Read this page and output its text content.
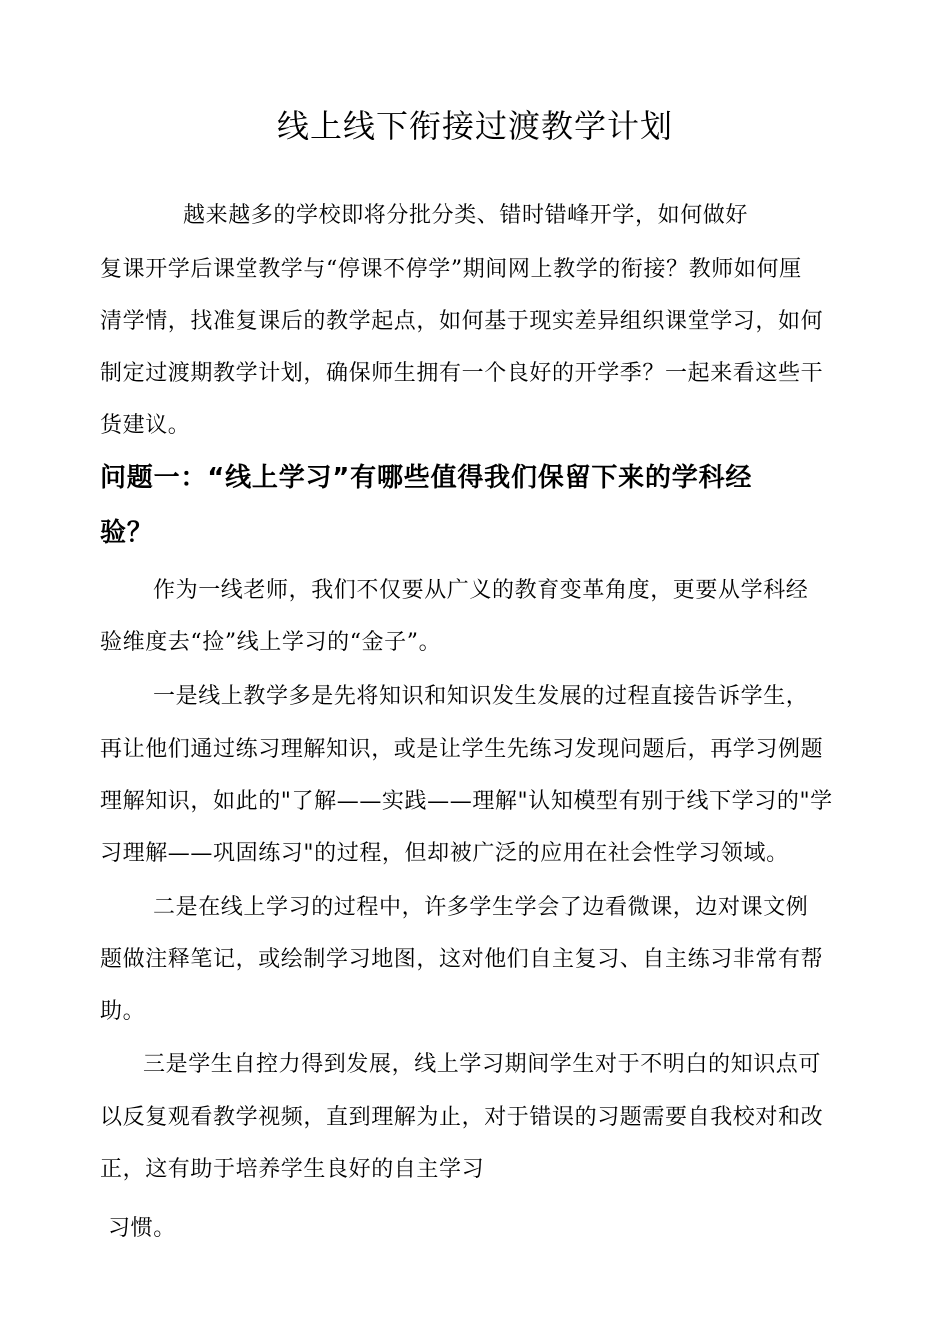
线上线下衔接过渡教学计划
越来越多的学校即将分批分类、错时错峰开学，如何做好
复课开学后课堂教学与“停课不停学”期间网上教学的衔接？教师如何厘
清学情，找准复课后的教学起点，如何基于现实差异组织课堂学习，如何
制定过渡期教学计划，确保师生拥有一个良好的开学季？一起来看这些干
货建议。
问题一：“线上学习”有哪些值得我们保留下来的学科经
验？
作为一线老师，我们不仅要从广义的教育变革角度，更要从学科经
验维度去“捡”线上学习的“金子”。
一是线上教学多是先将知识和知识发生发展的过程直接告诉学生，
再让他们通过练习理解知识，或是让学生先练习发现问题后，再学习例题
理解知识，如此的"了解——实践——理解"认知模型有别于线下学习的"学
习理解——巩固练习"的过程，但却被广泛的应用在社会性学习领域。
二是在线上学习的过程中，许多学生学会了边看微课，边对课文例
题做注释笔记，或绘制学习地图，这对他们自主复习、自主练习非常有帮
助。
三是学生自控力得到发展，线上学习期间学生对于不明白的知识点可
以反复观看教学视频，直到理解为止，对于错误的习题需要自我校对和改
正，这有助于培养学生良好的自主学习
习惯。
